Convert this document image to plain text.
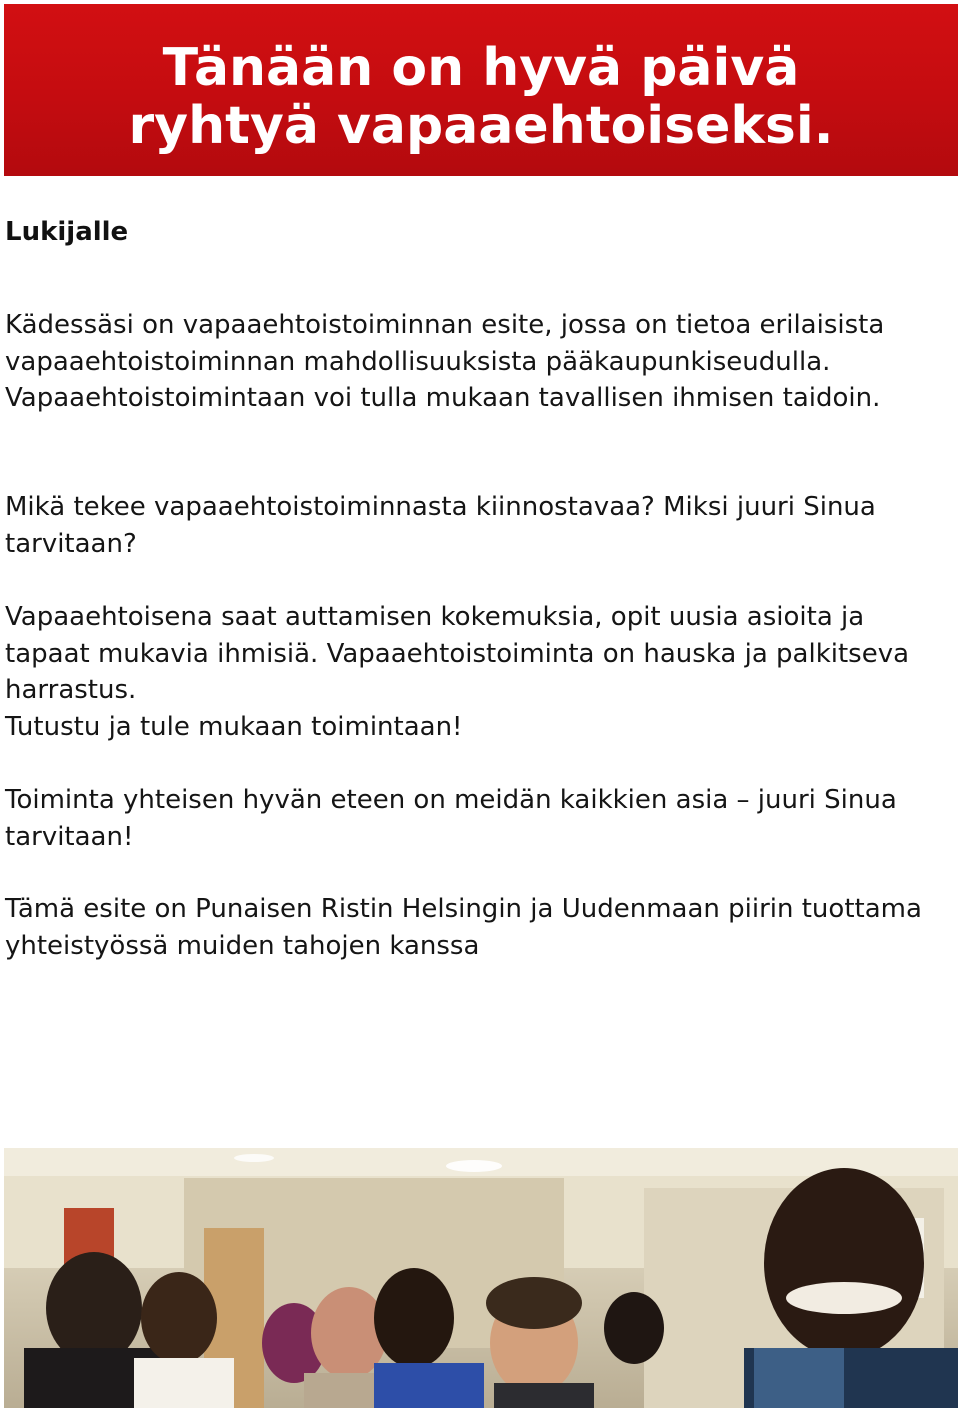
Tänään on hyvä päivä
ryhtyä vapaaehtoiseksi.
Lukijalle

Kädessäsi on vapaaehtoistoiminnan esite, jossa on tietoa erilaisista vapaaehtoistoiminnan mahdollisuuksista pääkaupunkiseudulla. Vapaaehtoistoimintaan voi tulla mukaan tavallisen ihmisen taidoin.

Mikä tekee vapaaehtoistoiminnasta kiinnostavaa? Miksi juuri Sinua tarvitaan?

Vapaaehtoisena saat auttamisen kokemuksia, opit uusia asioita ja tapaat mukavia ihmisiä. Vapaaehtoistoiminta on hauska ja palkitseva harrastus.
Tutustu ja tule mukaan toimintaan!

Toiminta yhteisen hyvän eteen on meidän kaikkien asia – juuri Sinua tarvitaan!

Tämä esite on Punaisen Ristin Helsingin ja Uudenmaan piirin tuottama yhteistyössä muiden tahojen kanssa
